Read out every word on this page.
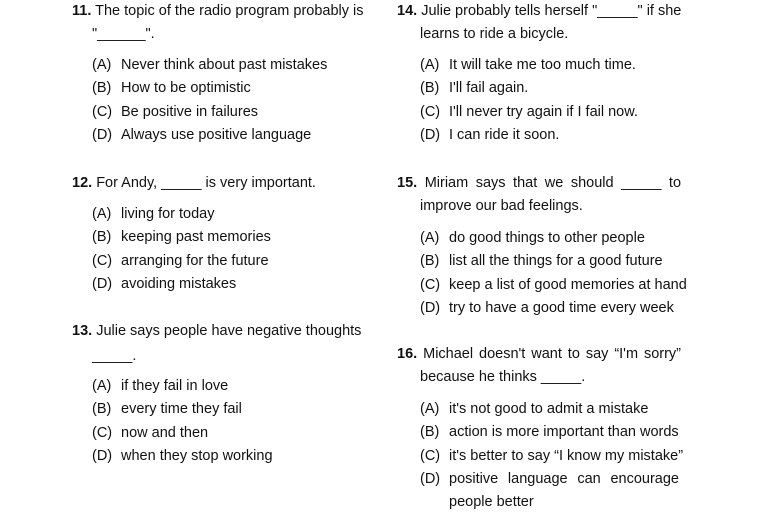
11. The topic of the radio program probably is
"______".
(A) Never think about past mistakes
(B) How to be optimistic
(C) Be positive in failures
(D) Always use positive language
12. For Andy, _____ is very important.
(A) living for today
(B) keeping past memories
(C) arranging for the future
(D) avoiding mistakes
13. Julie says people have negative thoughts
_____.
(A) if they fail in love
(B) every time they fail
(C) now and then
(D) when they stop working
14. Julie probably tells herself "_____" if she
learns to ride a bicycle.
(A) It will take me too much time.
(B) I'll fail again.
(C) I'll never try again if I fail now.
(D) I can ride it soon.
15. Miriam says that we should _____ to
improve our bad feelings.
(A) do good things to other people
(B) list all the things for a good future
(C) keep a list of good memories at hand
(D) try to have a good time every week
16. Michael doesn't want to say “I'm sorry”
because he thinks _____.
(A) it's not good to admit a mistake
(B) action is more important than words
(C) it's better to say “I know my mistake”
(D) positive language can encourage
people better
